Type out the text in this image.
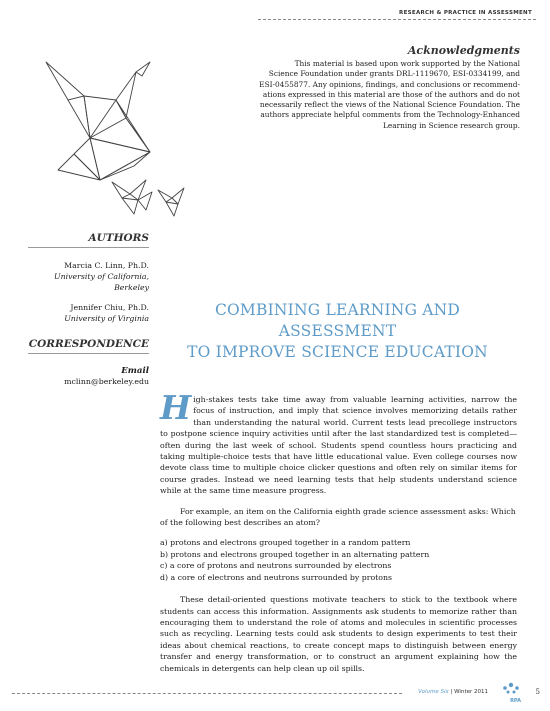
RESEARCH & PRACTICE IN ASSESSMENT
Acknowledgments
This material is based upon work supported by the National
Science Foundation under grants DRL-1119670, ESI-0334199, and
ESI-0455877. Any opinions, findings, and conclusions or recommend-
ations expressed in this material are those of the authors and do not
necessarily reflect the views of the National Science Foundation. The
authors appreciate helpful comments from the Technology-Enhanced
Learning in Science research group.
AUTHORS
Marcia C. Linn, Ph.D.
University of California,
Berkeley
Jennifer Chiu, Ph.D.
University of Virginia
CORRESPONDENCE
Email
mclinn@berkeley.edu
COMBINING LEARNING AND ASSESSMENT
TO IMPROVE SCIENCE EDUCATION
High-stakes tests take time away from valuable learning activities, narrow the focus of instruction, and imply that science involves memorizing details rather than understanding the natural world. Current tests lead precollege instructors to postpone science inquiry activities until after the last standardized test is completed—often during the last week of school. Students spend countless hours practicing and taking multiple-choice tests that have little educational value. Even college courses now devote class time to multiple choice clicker questions and often rely on similar items for course grades. Instead we need learning tests that help students understand science while at the same time measure progress.
For example, an item on the California eighth grade science assessment asks: Which of the following best describes an atom?
a) protons and electrons grouped together in a random pattern
b) protons and electrons grouped together in an alternating pattern
c) a core of protons and neutrons surrounded by electrons
d) a core of electrons and neutrons surrounded by protons
These detail-oriented questions motivate teachers to stick to the textbook where students can access this information. Assignments ask students to memorize rather than encouraging them to understand the role of atoms and molecules in scientific processes such as recycling. Learning tests could ask students to design experiments to test their ideas about chemical reactions, to create concept maps to distinguish between energy transfer and energy transformation, or to construct an argument explaining how the chemicals in detergents can help clean up oil spills.
Volume Six | Winter 2011
RPA
5
